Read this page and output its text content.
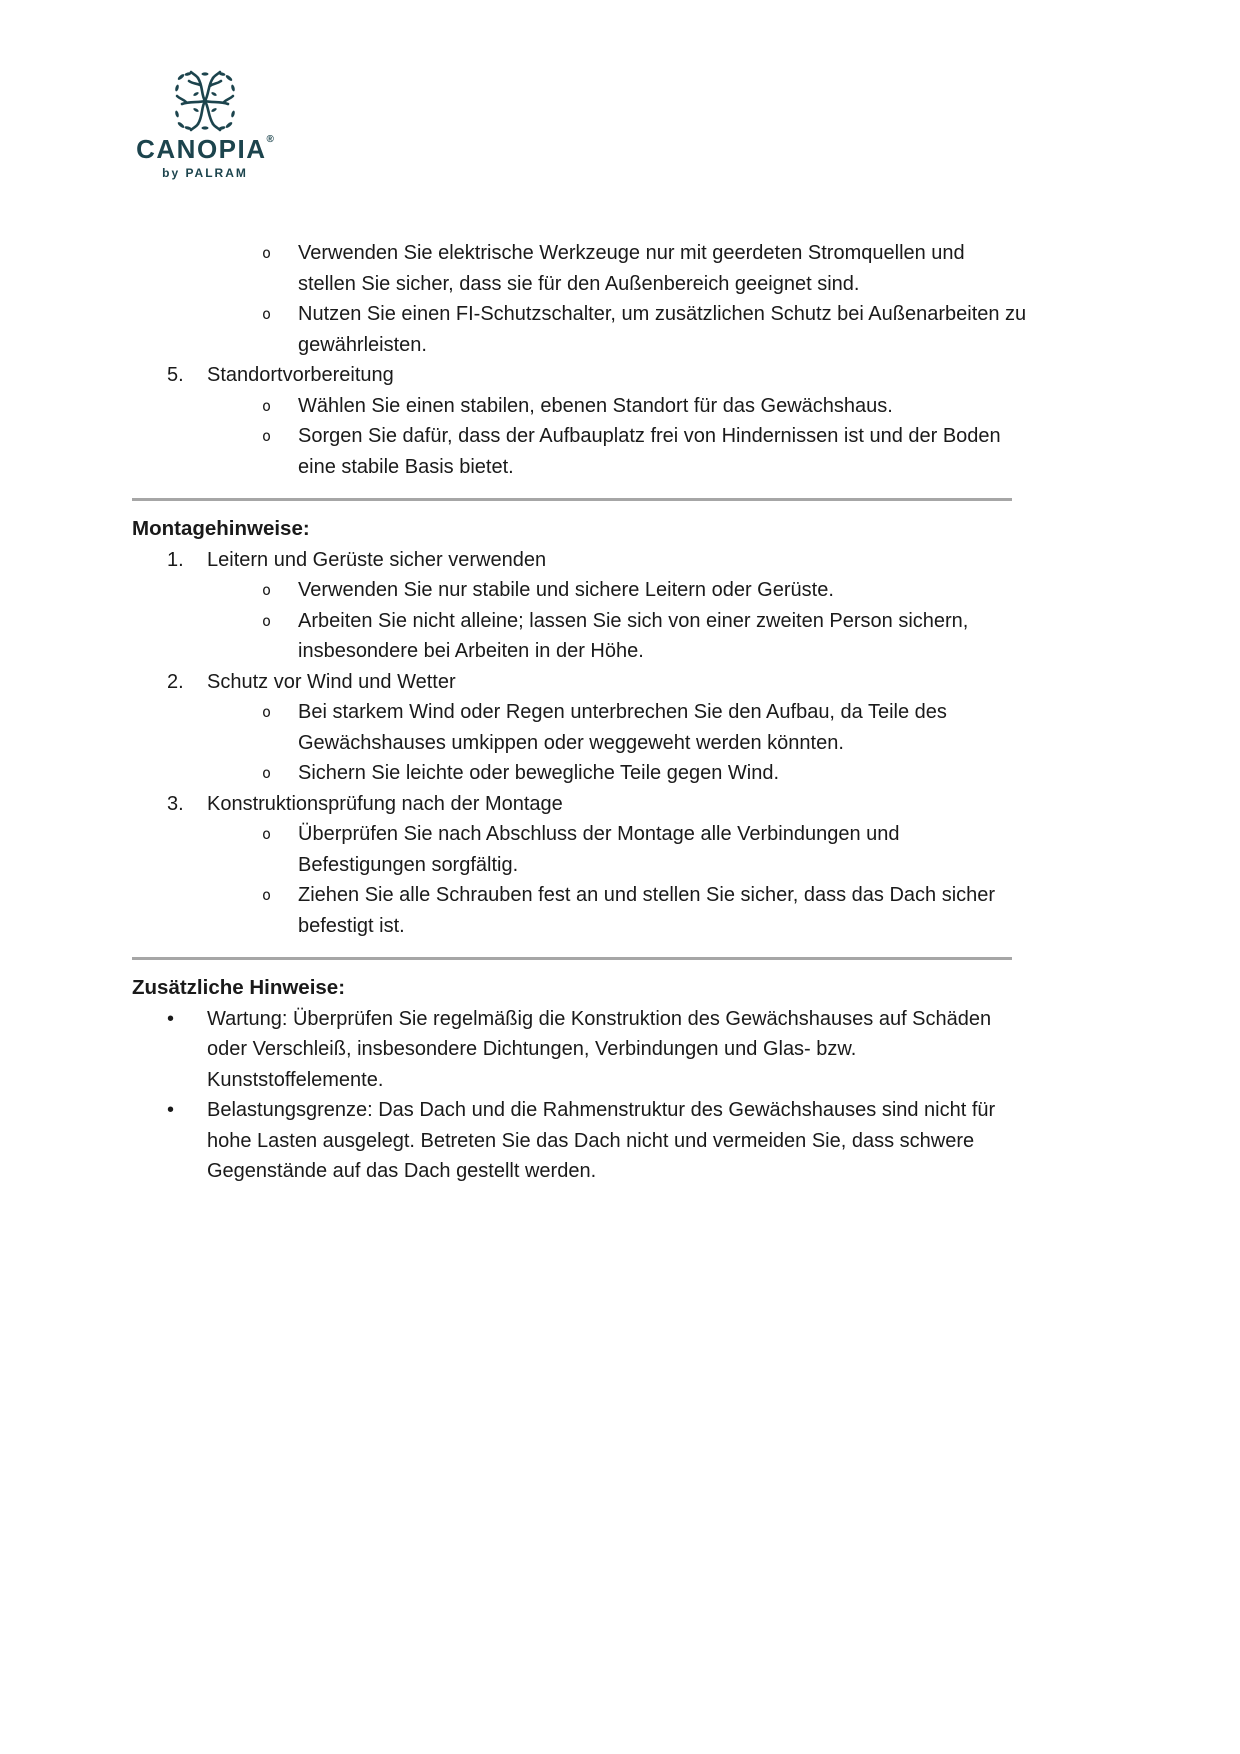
CANOPIA®
by PALRAM
o Verwenden Sie elektrische Werkzeuge nur mit geerdeten Stromquellen und stellen Sie sicher, dass sie für den Außenbereich geeignet sind.
o Nutzen Sie einen FI-Schutzschalter, um zusätzlichen Schutz bei Außenarbeiten zu gewährleisten.
5. Standortvorbereitung
o Wählen Sie einen stabilen, ebenen Standort für das Gewächshaus.
o Sorgen Sie dafür, dass der Aufbauplatz frei von Hindernissen ist und der Boden eine stabile Basis bietet.
Montagehinweise:
1. Leitern und Gerüste sicher verwenden
o Verwenden Sie nur stabile und sichere Leitern oder Gerüste.
o Arbeiten Sie nicht alleine; lassen Sie sich von einer zweiten Person sichern, insbesondere bei Arbeiten in der Höhe.
2. Schutz vor Wind und Wetter
o Bei starkem Wind oder Regen unterbrechen Sie den Aufbau, da Teile des Gewächshauses umkippen oder weggeweht werden könnten.
o Sichern Sie leichte oder bewegliche Teile gegen Wind.
3. Konstruktionsprüfung nach der Montage
o Überprüfen Sie nach Abschluss der Montage alle Verbindungen und Befestigungen sorgfältig.
o Ziehen Sie alle Schrauben fest an und stellen Sie sicher, dass das Dach sicher befestigt ist.
Zusätzliche Hinweise:
• Wartung: Überprüfen Sie regelmäßig die Konstruktion des Gewächshauses auf Schäden oder Verschleiß, insbesondere Dichtungen, Verbindungen und Glas- bzw. Kunststoffelemente.
• Belastungsgrenze: Das Dach und die Rahmenstruktur des Gewächshauses sind nicht für hohe Lasten ausgelegt. Betreten Sie das Dach nicht und vermeiden Sie, dass schwere Gegenstände auf das Dach gestellt werden.
